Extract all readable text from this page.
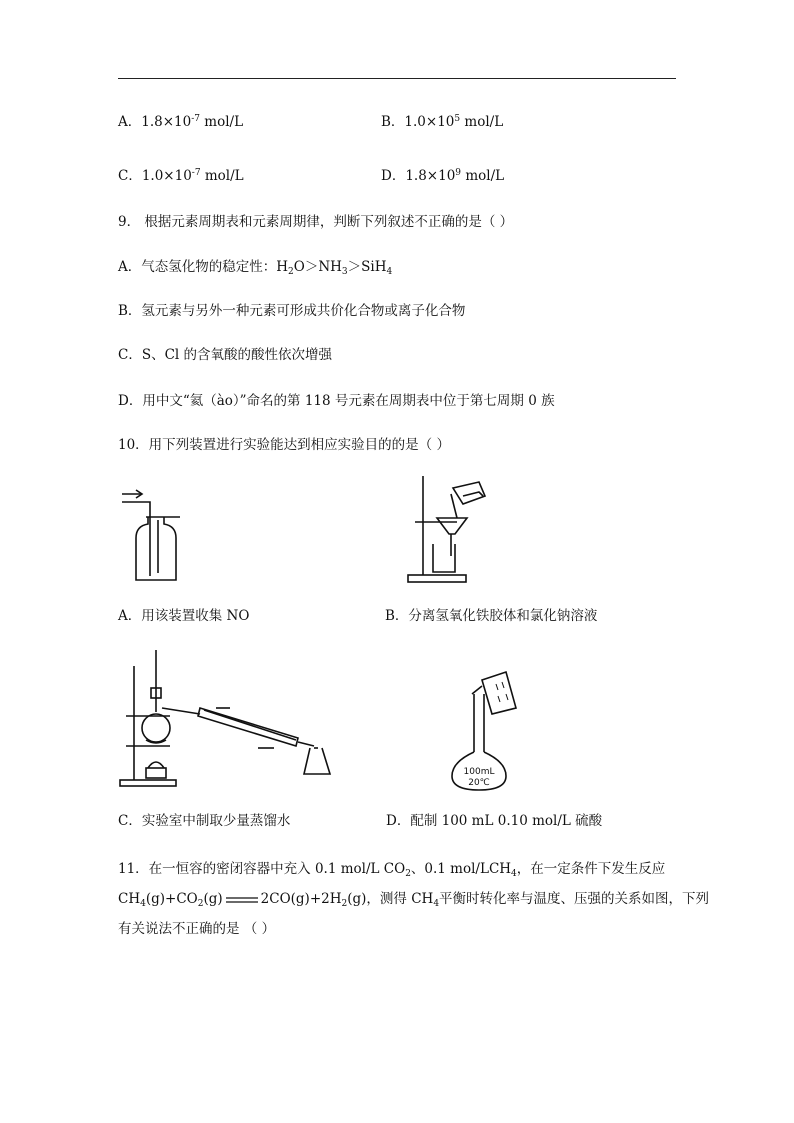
A．$1.8\times 10^{-7}$ mol/L	B．$1.0\times 10^5$ mol/L
C．$1.0\times 10^{-7}$ mol/L	D．$1.8\times 10^9$ mol/L
9． 根据元素周期表和元素周期律，判断下列叙述不正确的是（ ）
A．气态氢化物的稳定性：$H_2O>NH_3>SiH_4$
B．氢元素与另外一种元素可形成共价化合物或离子化合物
C．S、Cl 的含氧酸的酸性依次增强
D．用中文“氦（ào）”命名的第 118 号元素在周期表中位于第七周期 0 族
10．用下列装置进行实验能达到相应实验目的的是（ ）
A．用该装置收集 NO	B．分离氢氧化铁胶体和氯化钠溶液
100mL
20℃
C．实验室中制取少量蒸馏水	D．配制 100 mL 0.10 mol/L 硫酸
11．在一恒容的密闭容器中充入 0.1 mol/L $CO_2$、0.1 mol/$LCH_4$，在一定条件下发生反应
$CH_4(g)+CO_2(g)$	$2CO(g)+2H_2(g)$，测得 $CH_4$平衡时转化率与温度、压强的关系如图，下列
有关说法不正确的是 （ ）
